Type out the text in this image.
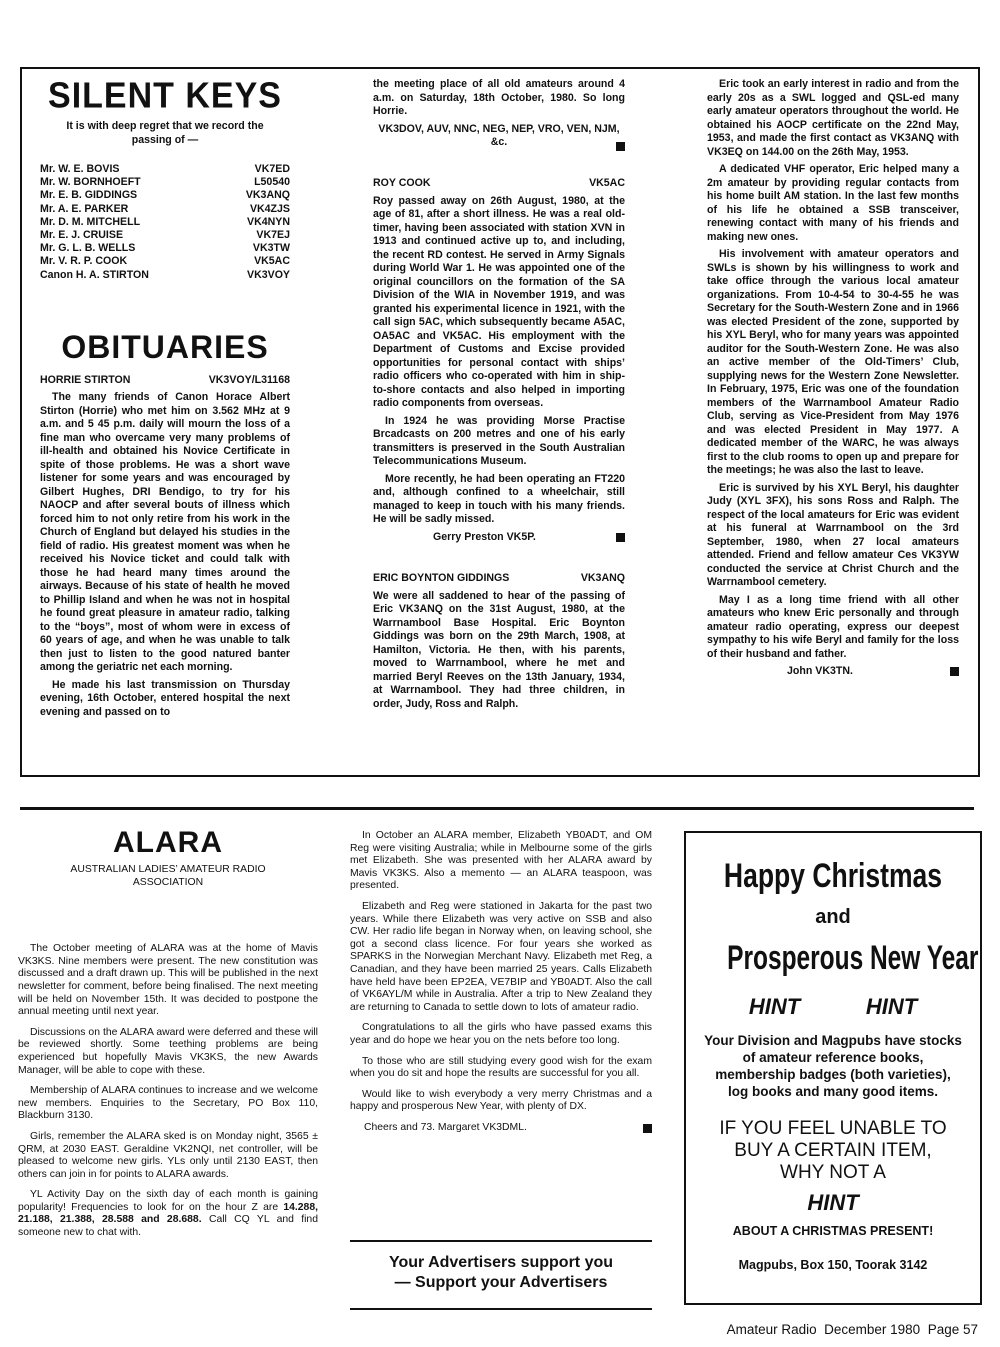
SILENT KEYS
It is with deep regret that we record the passing of —
Mr. W. E. BOVIS	VK7ED
Mr. W. BORNHOEFT	L50540
Mr. E. B. GIDDINGS	VK3ANQ
Mr. A. E. PARKER	VK4ZJS
Mr. D. M. MITCHELL	VK4NYN
Mr. E. J. CRUISE	VK7EJ
Mr. G. L. B. WELLS	VK3TW
Mr. V. R. P. COOK	VK5AC
Canon H. A. STIRTON	VK3VOY
OBITUARIES
HORRIE STIRTON	VK3VOY/L31168

The many friends of Canon Horace Albert Stirton (Horrie) who met him on 3.562 MHz at 9 a.m. and 5 45 p.m. daily will mourn the loss of a fine man who overcame very many problems of ill-health and obtained his Novice Certificate in spite of those problems. He was a short wave listener for some years and was encouraged by Gilbert Hughes, DRI Bendigo, to try for his NAOCP and after several bouts of illness which forced him to not only retire from his work in the Church of England but delayed his studies in the field of radio. His greatest moment was when he received his Novice ticket and could talk with those he had heard many times around the airways. Because of his state of health he moved to Phillip Island and when he was not in hospital he found great pleasure in amateur radio, talking to the “boys”, most of whom were in excess of 60 years of age, and when he was unable to talk then just to listen to the good natured banter among the geriatric net each morning.

He made his last transmission on Thursday evening, 16th October, entered hospital the next evening and passed on to

the meeting place of all old amateurs around 4 a.m. on Saturday, 18th October, 1980. So long Horrie.

VK3DOV, AUV, NNC, NEG, NEP, VRO, VEN, NJM, &c.
ROY COOK	VK5AC

Roy passed away on 26th August, 1980, at the age of 81, after a short illness. He was a real old-timer, having been associated with station XVN in 1913 and continued active up to, and including, the recent RD contest. He served in Army Signals during World War 1. He was appointed one of the original councillors on the formation of the SA Division of the WIA in November 1919, and was granted his experimental licence in 1921, with the call sign 5AC, which subsequently became A5AC, OA5AC and VK5AC. His employment with the Department of Customs and Excise provided opportunities for personal contact with ships’ radio officers who co-operated with him in ship-to-shore contacts and also helped in importing radio components from overseas.

In 1924 he was providing Morse Practise Brcadcasts on 200 metres and one of his early transmitters is preserved in the South Australian Telecommunications Museum.

More recently, he had been operating an FT220 and, although confined to a wheelchair, still managed to keep in touch with his many friends. He will be sadly missed.

Gerry Preston VK5P.
ERIC BOYNTON GIDDINGS	VK3ANQ

We were all saddened to hear of the passing of Eric VK3ANQ on the 31st August, 1980, at the Warrnambool Base Hospital. Eric Boynton Giddings was born on the 29th March, 1908, at Hamilton, Victoria. He then, with his parents, moved to Warrnambool, where he met and married Beryl Reeves on the 13th January, 1934, at Warrnambool. They had three children, in order, Judy, Ross and Ralph.

Eric took an early interest in radio and from the early 20s as a SWL logged and QSL-ed many early amateur operators throughout the world. He obtained his AOCP certificate on the 22nd May, 1953, and made the first contact as VK3ANQ with VK3EQ on 144.00 on the 26th May, 1953.

A dedicated VHF operator, Eric helped many a 2m amateur by providing regular contacts from his home built AM station. In the last few months of his life he obtained a SSB transceiver, renewing contact with many of his friends and making new ones.

His involvement with amateur operators and SWLs is shown by his willingness to work and take office through the various local amateur organizations. From 10-4-54 to 30-4-55 he was Secretary for the South-Western Zone and in 1966 was elected President of the zone, supported by his XYL Beryl, who for many years was appointed auditor for the South-Western Zone. He was also an active member of the Old-Timers’ Club, supplying news for the Western Zone Newsletter. In February, 1975, Eric was one of the foundation members of the Warrnambool Amateur Radio Club, serving as Vice-President from May 1976 and was elected President in May 1977. A dedicated member of the WARC, he was always first to the club rooms to open up and prepare for the meetings; he was also the last to leave.

Eric is survived by his XYL Beryl, his daughter Judy (XYL 3FX), his sons Ross and Ralph. The respect of the local amateurs for Eric was evident at his funeral at Warrnambool on the 3rd September, 1980, when 27 local amateurs attended. Friend and fellow amateur Ces VK3YW conducted the service at Christ Church and the Warrnambool cemetery.

May I as a long time friend with all other amateurs who knew Eric personally and through amateur radio operating, express our deepest sympathy to his wife Beryl and family for the loss of their husband and father.

John VK3TN.
ALARA
AUSTRALIAN LADIES’ AMATEUR RADIO ASSOCIATION

The October meeting of ALARA was at the home of Mavis VK3KS. Nine members were present. The new constitution was discussed and a draft drawn up. This will be published in the next newsletter for comment, before being finalised. The next meeting will be held on November 15th. It was decided to postpone the annual meeting until next year.

Discussions on the ALARA award were deferred and these will be reviewed shortly. Some teething problems are being experienced but hopefully Mavis VK3KS, the new Awards Manager, will be able to cope with these.

Membership of ALARA continues to increase and we welcome new members. Enquiries to the Secretary, PO Box 110, Blackburn 3130.

Girls, remember the ALARA sked is on Monday night, 3565 ± QRM, at 2030 EAST. Geraldine VK2NQI, net controller, will be pleased to welcome new girls. YLs only until 2130 EAST, then others can join in for points to ALARA awards.

YL Activity Day on the sixth day of each month is gaining popularity! Frequencies to look for on the hour Z are 14.288, 21.188, 21.388, 28.588 and 28.688. Call CQ YL and find someone new to chat with.

In October an ALARA member, Elizabeth YB0ADT, and OM Reg were visiting Australia; while in Melbourne some of the girls met Elizabeth. She was presented with her ALARA award by Mavis VK3KS. Also a memento — an ALARA teaspoon, was presented.

Elizabeth and Reg were stationed in Jakarta for the past two years. While there Elizabeth was very active on SSB and also CW. Her radio life began in Norway when, on leaving school, she got a second class licence. For four years she worked as SPARKS in the Norwegian Merchant Navy. Elizabeth met Reg, a Canadian, and they have been married 25 years. Calls Elizabeth have held have been EP2EA, VE7BIP and YB0ADT. Also the call of VK6AYL/M while in Australia. After a trip to New Zealand they are returning to Canada to settle down to lots of amateur radio.

Congratulations to all the girls who have passed exams this year and do hope we hear you on the nets before too long.

To those who are still studying every good wish for the exam when you do sit and hope the results are successful for you all.

Would like to wish everybody a very merry Christmas and a happy and prosperous New Year, with plenty of DX.

Cheers and 73. Margaret VK3DML.
Your Advertisers support you
— Support your Advertisers
Happy Christmas
and
Prosperous New Year
HINT	HINT
Your Division and Magpubs have stocks of amateur reference books, membership badges (both varieties), log books and many good items.
IF YOU FEEL UNABLE TO BUY A CERTAIN ITEM, WHY NOT A
HINT
ABOUT A CHRISTMAS PRESENT!
Magpubs, Box 150, Toorak 3142
Amateur Radio  December 1980  Page 57
